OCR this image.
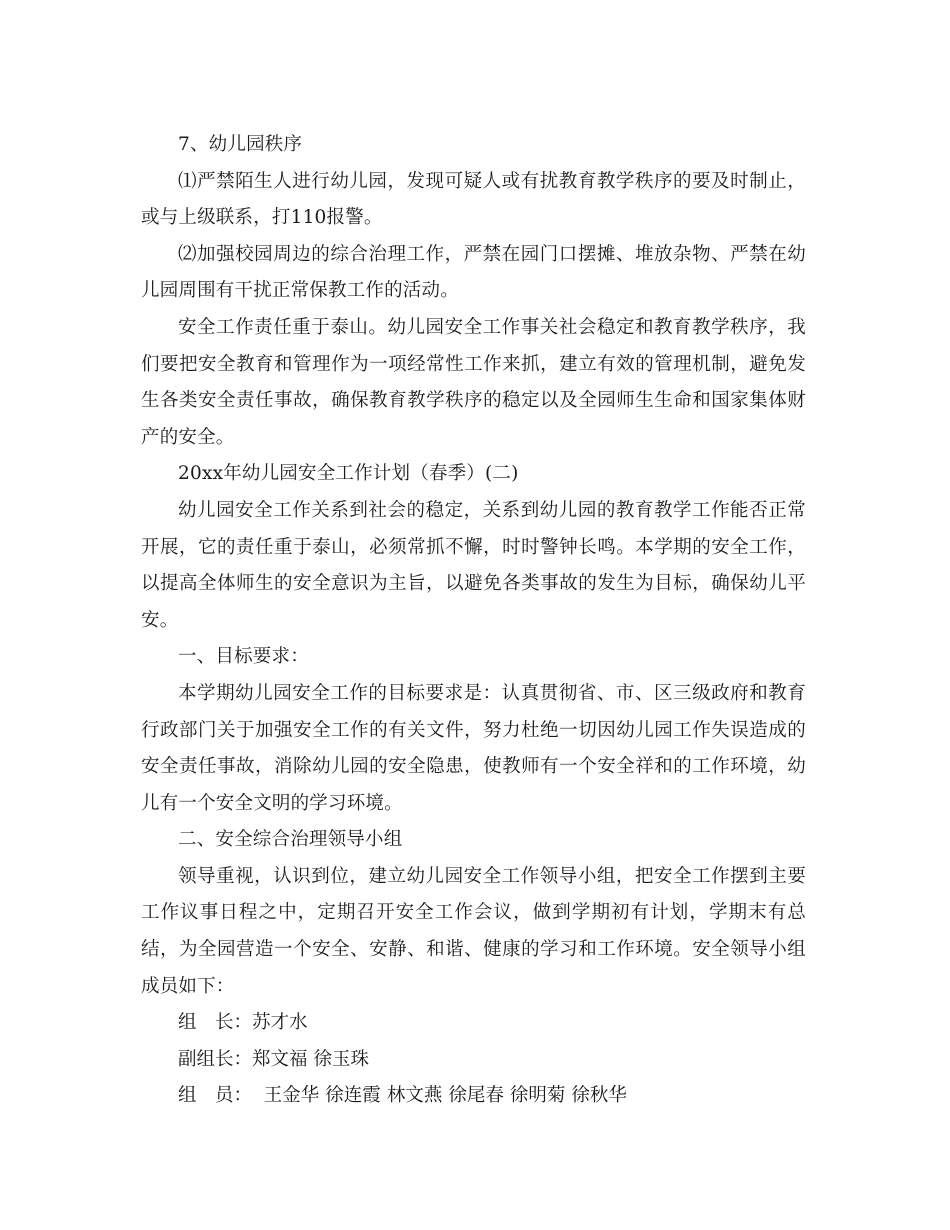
7、幼儿园秩序

⑴严禁陌生人进行幼儿园，发现可疑人或有扰教育教学秩序的要及时制止，或与上级联系，打110报警。

⑵加强校园周边的综合治理工作，严禁在园门口摆摊、堆放杂物、严禁在幼儿园周围有干扰正常保教工作的活动。

安全工作责任重于泰山。幼儿园安全工作事关社会稳定和教育教学秩序，我们要把安全教育和管理作为一项经常性工作来抓，建立有效的管理机制，避免发生各类安全责任事故，确保教育教学秩序的稳定以及全园师生生命和国家集体财产的安全。

20xx年幼儿园安全工作计划（春季）(二)

幼儿园安全工作关系到社会的稳定，关系到幼儿园的教育教学工作能否正常开展，它的责任重于泰山，必须常抓不懈，时时警钟长鸣。本学期的安全工作，以提高全体师生的安全意识为主旨，以避免各类事故的发生为目标，确保幼儿平安。

一、目标要求：

本学期幼儿园安全工作的目标要求是：认真贯彻省、市、区三级政府和教育行政部门关于加强安全工作的有关文件，努力杜绝一切因幼儿园工作失误造成的安全责任事故，消除幼儿园的安全隐患，使教师有一个安全祥和的工作环境，幼儿有一个安全文明的学习环境。

二、安全综合治理领导小组

领导重视，认识到位，建立幼儿园安全工作领导小组，把安全工作摆到主要工作议事日程之中，定期召开安全工作会议，做到学期初有计划，学期末有总结，为全园营造一个安全、安静、和谐、健康的学习和工作环境。安全领导小组成员如下：

组　长：苏才水

副组长：郑文福 徐玉珠

组　员： 王金华 徐连霞 林文燕 徐尾春 徐明菊 徐秋华
